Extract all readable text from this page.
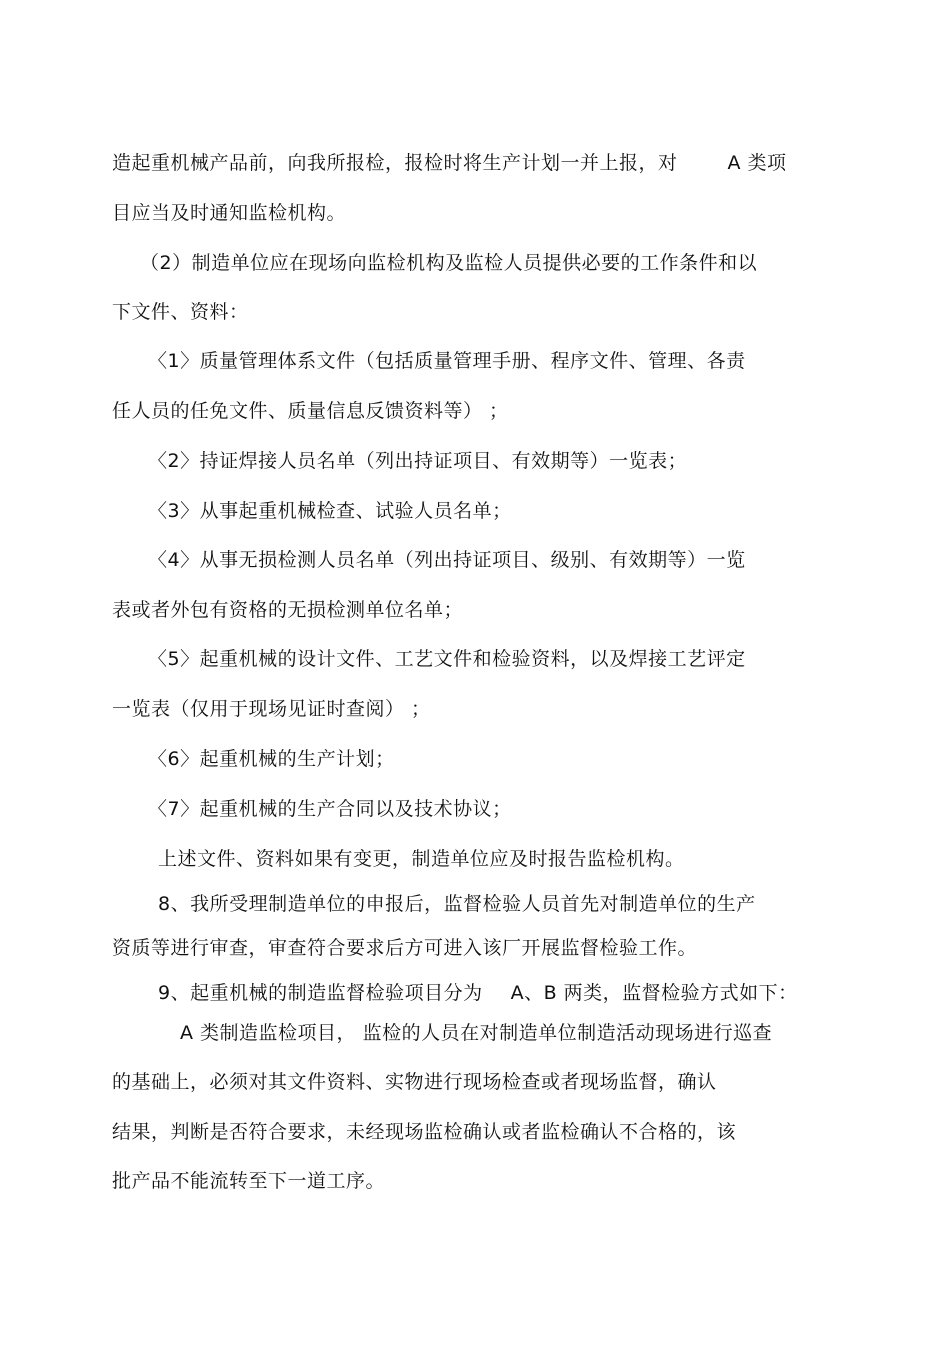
造起重机械产品前，向我所报检，报检时将生产计划一并上报，对	A 类项
目应当及时通知监检机构。
（2）制造单位应在现场向监检机构及监检人员提供必要的工作条件和以
下文件、资料：
〈1〉质量管理体系文件（包括质量管理手册、程序文件、管理、各责
任人员的任免文件、质量信息反馈资料等） ；
〈2〉持证焊接人员名单（列出持证项目、有效期等）一览表；
〈3〉从事起重机械检查、试验人员名单；
〈4〉从事无损检测人员名单（列出持证项目、级别、有效期等）一览
表或者外包有资格的无损检测单位名单；
〈5〉起重机械的设计文件、工艺文件和检验资料，以及焊接工艺评定
一览表（仅用于现场见证时查阅） ；
〈6〉起重机械的生产计划；
〈7〉起重机械的生产合同以及技术协议；
上述文件、资料如果有变更，制造单位应及时报告监检机构。
8、我所受理制造单位的申报后，监督检验人员首先对制造单位的生产
资质等进行审查，审查符合要求后方可进入该厂开展监督检验工作。
9、起重机械的制造监督检验项目分为 A、B 两类，监督检验方式如下：
A 类制造监检项目， 监检的人员在对制造单位制造活动现场进行巡查
的基础上，必须对其文件资料、实物进行现场检查或者现场监督，确认
结果，判断是否符合要求，未经现场监检确认或者监检确认不合格的，该
批产品不能流转至下一道工序。
